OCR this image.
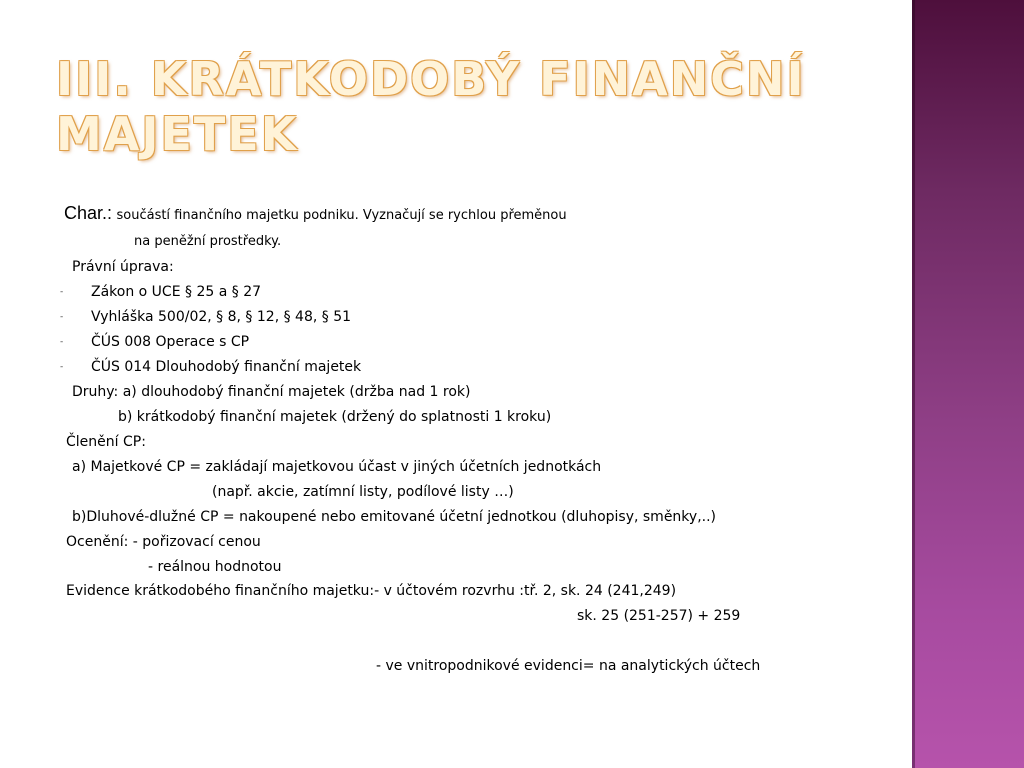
III. KRÁTKODOBÝ FINANČNÍ MAJETEK
Char.: součástí finančního majetku podniku. Vyznačují se rychlou přeměnou
na peněžní prostředky.
Právní úprava:
- Zákon o UCE § 25 a § 27
- Vyhláška 500/02, § 8, § 12, § 48, § 51
- ČÚS 008 Operace s CP
- ČÚS 014 Dlouhodobý finanční majetek
Druhy: a) dlouhodobý finanční majetek (držba nad 1 rok)
b) krátkodobý finanční majetek (držený do splatnosti 1 kroku)
Členění CP:
a) Majetkové CP = zakládají majetkovou účast v jiných účetních jednotkách
(např. akcie, zatímní listy, podílové listy …)
b)Dluhové-dlužné CP = nakoupené nebo emitované účetní jednotkou (dluhopisy, směnky,..)
Ocenění: - pořizovací cenou
- reálnou hodnotou
Evidence krátkodobého finančního majetku:- v účtovém rozvrhu :tř. 2, sk. 24 (241,249)
sk. 25 (251-257) + 259
- ve vnitropodnikové evidenci= na analytických účtech
